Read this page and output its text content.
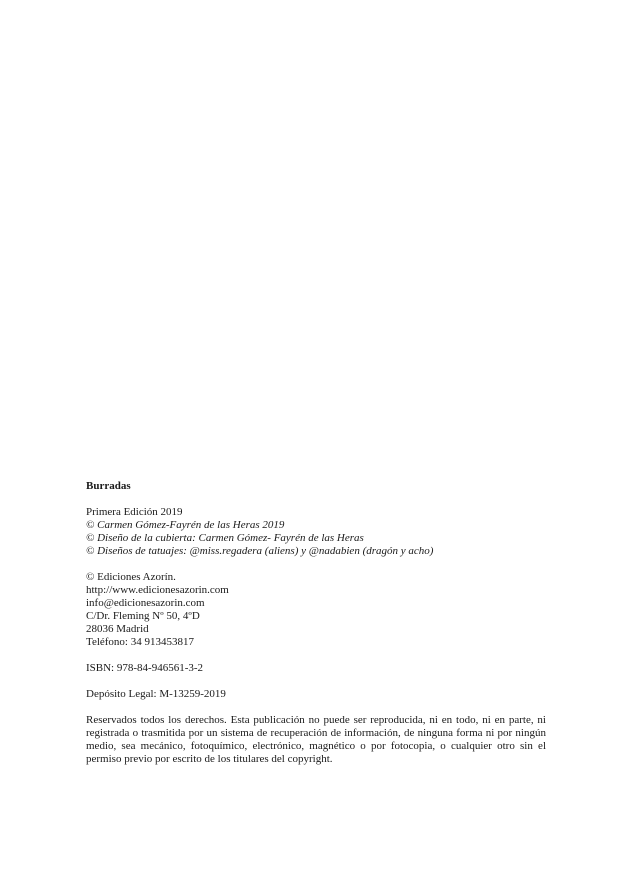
Burradas
Primera Edición 2019
© Carmen Gómez-Fayrén de las Heras 2019
© Diseño de la cubierta: Carmen Gómez- Fayrén de las Heras
© Diseños de tatuajes: @miss.regadera (aliens) y @nadabien (dragón y acho)
© Ediciones Azorín.
http://www.edicionesazorin.com
info@edicionesazorin.com
C/Dr. Fleming Nº 50, 4ºD
28036 Madrid
Teléfono: 34 913453817
ISBN: 978-84-946561-3-2
Depósito Legal: M-13259-2019

Reservados todos los derechos. Esta publicación no puede ser reproducida, ni en todo, ni en parte, ni registrada o trasmitida por un sistema de recuperación de información, de ninguna forma ni por ningún medio, sea mecánico, fotoquímico, electrónico, magnético o por fotocopia, o cualquier otro sin el permiso previo por escrito de los titulares del copyright.
